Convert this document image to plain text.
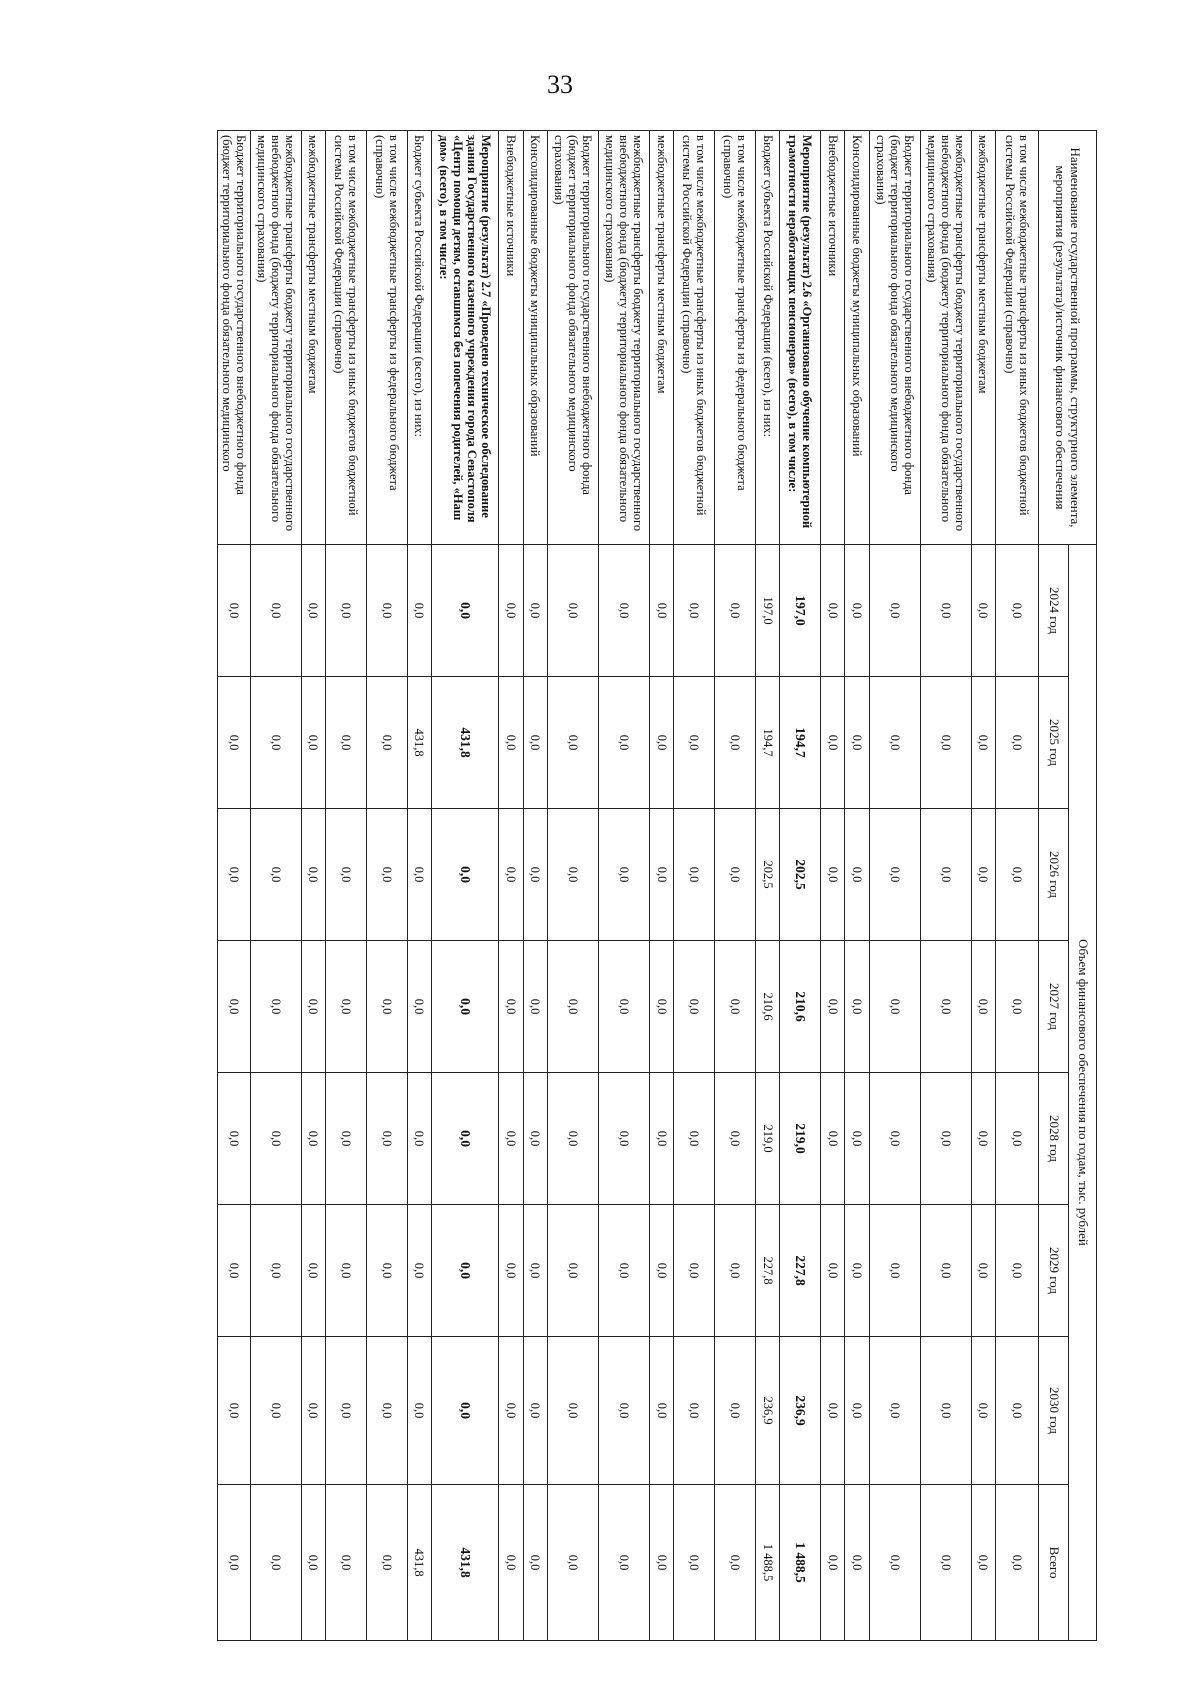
33
Наименование государственной программы, структурного элемента, мероприятия (результата)/источник финансового обеспечения	Объем финансового обеспечения по годам, тыс. рублей							
	2024 год	2025 год	2026 год	2027 год	2028 год	2029 год	2030 год	Всего
в том числе межбюджетные трансферты из иных бюджетов бюджетной системы Российской Федерации (справочно)	0,0	0,0	0,0	0,0	0,0	0,0	0,0	0,0
межбюджетные трансферты местным бюджетам	0,0	0,0	0,0	0,0	0,0	0,0	0,0	0,0
межбюджетные трансферты бюджету территориального государственного внебюджетного фонда (бюджету территориального фонда обязательного медицинского страхования)	0,0	0,0	0,0	0,0	0,0	0,0	0,0	0,0
Бюджет территориального государственного внебюджетного фонда (бюджет территориального фонда обязательного медицинского страхования)	0,0	0,0	0,0	0,0	0,0	0,0	0,0	0,0
Консолидированные бюджеты муниципальных образований	0,0	0,0	0,0	0,0	0,0	0,0	0,0	0,0
Внебюджетные источники	0,0	0,0	0,0	0,0	0,0	0,0	0,0	0,0
Мероприятие (результат) 2.6 «Организовано обучение компьютерной грамотности неработающих пенсионеров» (всего), в том числе:	197,0	194,7	202,5	210,6	219,0	227,8	236,9	1 488,5
Бюджет субъекта Российской Федерации (всего), из них:	197,0	194,7	202,5	210,6	219,0	227,8	236,9	1 488,5
в том числе межбюджетные трансферты из федерального бюджета (справочно)	0,0	0,0	0,0	0,0	0,0	0,0	0,0	0,0
в том числе межбюджетные трансферты из иных бюджетов бюджетной системы Российской Федерации (справочно)	0,0	0,0	0,0	0,0	0,0	0,0	0,0	0,0
межбюджетные трансферты местным бюджетам	0,0	0,0	0,0	0,0	0,0	0,0	0,0	0,0
межбюджетные трансферты бюджету территориального государственного внебюджетного фонда (бюджету территориального фонда обязательного медицинского страхования)	0,0	0,0	0,0	0,0	0,0	0,0	0,0	0,0
Бюджет территориального государственного внебюджетного фонда (бюджет территориального фонда обязательного медицинского страхования)	0,0	0,0	0,0	0,0	0,0	0,0	0,0	0,0
Консолидированные бюджеты муниципальных образований	0,0	0,0	0,0	0,0	0,0	0,0	0,0	0,0
Внебюджетные источники	0,0	0,0	0,0	0,0	0,0	0,0	0,0	0,0
Мероприятие (результат) 2.7 «Проведено техническое обследование здания Государственного казенного учреждения города Севастополя «Центр помощи детям, оставшимся без попечения родителей, «Наш дом» (всего), в том числе:	0,0	431,8	0,0	0,0	0,0	0,0	0,0	431,8
Бюджет субъекта Российской Федерации (всего), из них:	0,0	431,8	0,0	0,0	0,0	0,0	0,0	431,8
в том числе межбюджетные трансферты из федерального бюджета (справочно)	0,0	0,0	0,0	0,0	0,0	0,0	0,0	0,0
в том числе межбюджетные трансферты из иных бюджетов бюджетной системы Российской Федерации (справочно)	0,0	0,0	0,0	0,0	0,0	0,0	0,0	0,0
межбюджетные трансферты местным бюджетам	0,0	0,0	0,0	0,0	0,0	0,0	0,0	0,0
межбюджетные трансферты бюджету территориального государственного внебюджетного фонда (бюджету территориального фонда обязательного медицинского страхования)	0,0	0,0	0,0	0,0	0,0	0,0	0,0	0,0
Бюджет территориального государственного внебюджетного фонда (бюджет территориального фонда обязательного медицинского	0,0	0,0	0,0	0,0	0,0	0,0	0,0	0,0
